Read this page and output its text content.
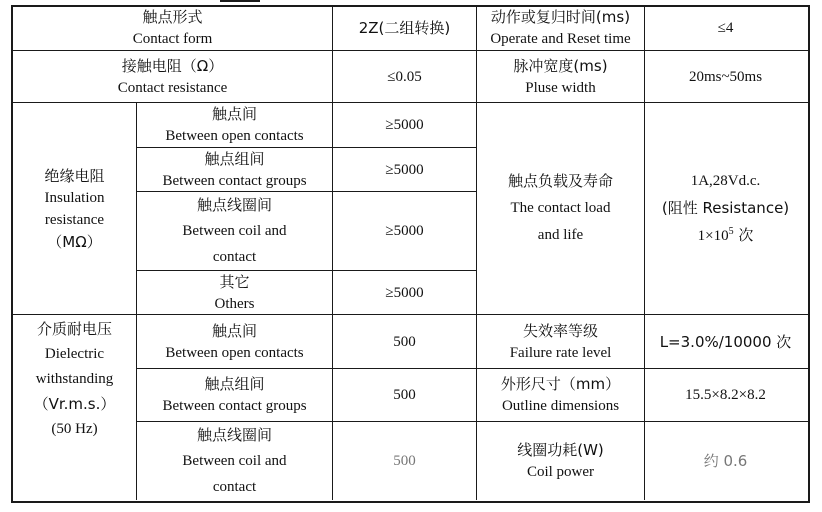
触点形式
Contact form
2Z(二组转换)
动作或复归时间(ms)
Operate and Reset time
≤4
接触电阻（Ω）
Contact resistance
≤0.05
脉冲宽度(ms)
Pluse width
20ms~50ms
绝缘电阻
Insulation
resistance
（MΩ）
触点间
Between open contacts
≥5000
触点组间
Between contact groups
≥5000
触点线圈间
Between coil and
contact
≥5000
其它
Others
≥5000
触点负载及寿命
The contact load
and life
1A,28Vd.c.
(阻性 Resistance)
$1\times 10^5$ 次
介质耐电压
Dielectric
withstanding
（Vr.m.s.）
(50 Hz)
触点间
Between open contacts
500
失效率等级
Failure rate level
L=3.0%/10000 次
触点组间
Between contact groups
500
外形尺寸（mm）
Outline dimensions
15.5×8.2×8.2
触点线圈间
Between coil and
contact
500
线圈功耗(W)
Coil power
约 0.6
